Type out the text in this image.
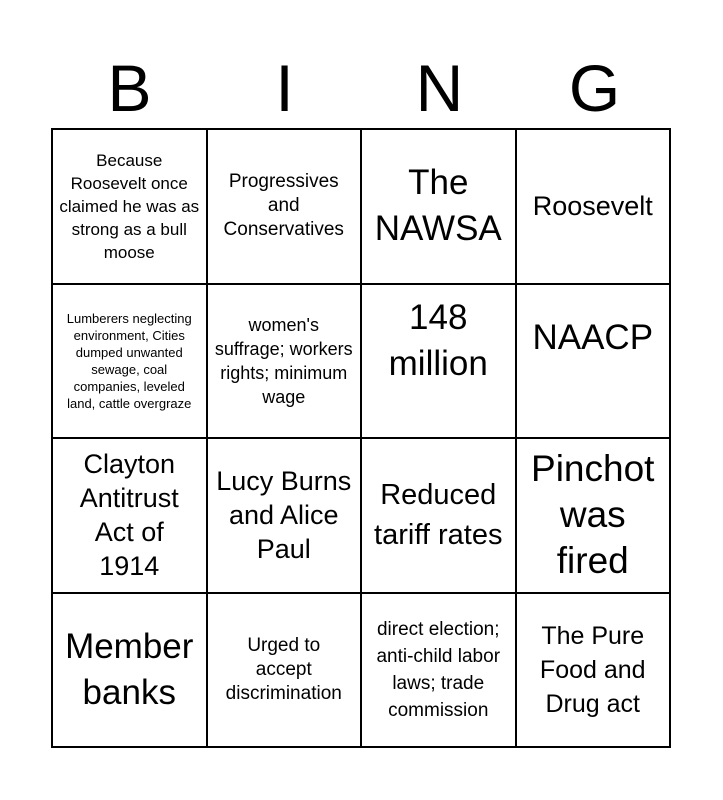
B	I	N	G
Because Roosevelt once claimed he was as strong as a bull moose
Progressives and Conservatives
The NAWSA
Roosevelt
Lumberers neglecting environment, Cities dumped unwanted sewage, coal companies, leveled land, cattle overgraze
women's suffrage; workers rights; minimum wage
148 million
NAACP
Clayton Antitrust Act of 1914
Lucy Burns and Alice Paul
Reduced tariff rates
Pinchot was fired
Member banks
Urged to accept discrimination
direct election; anti-child labor laws; trade commission
The Pure Food and Drug act
